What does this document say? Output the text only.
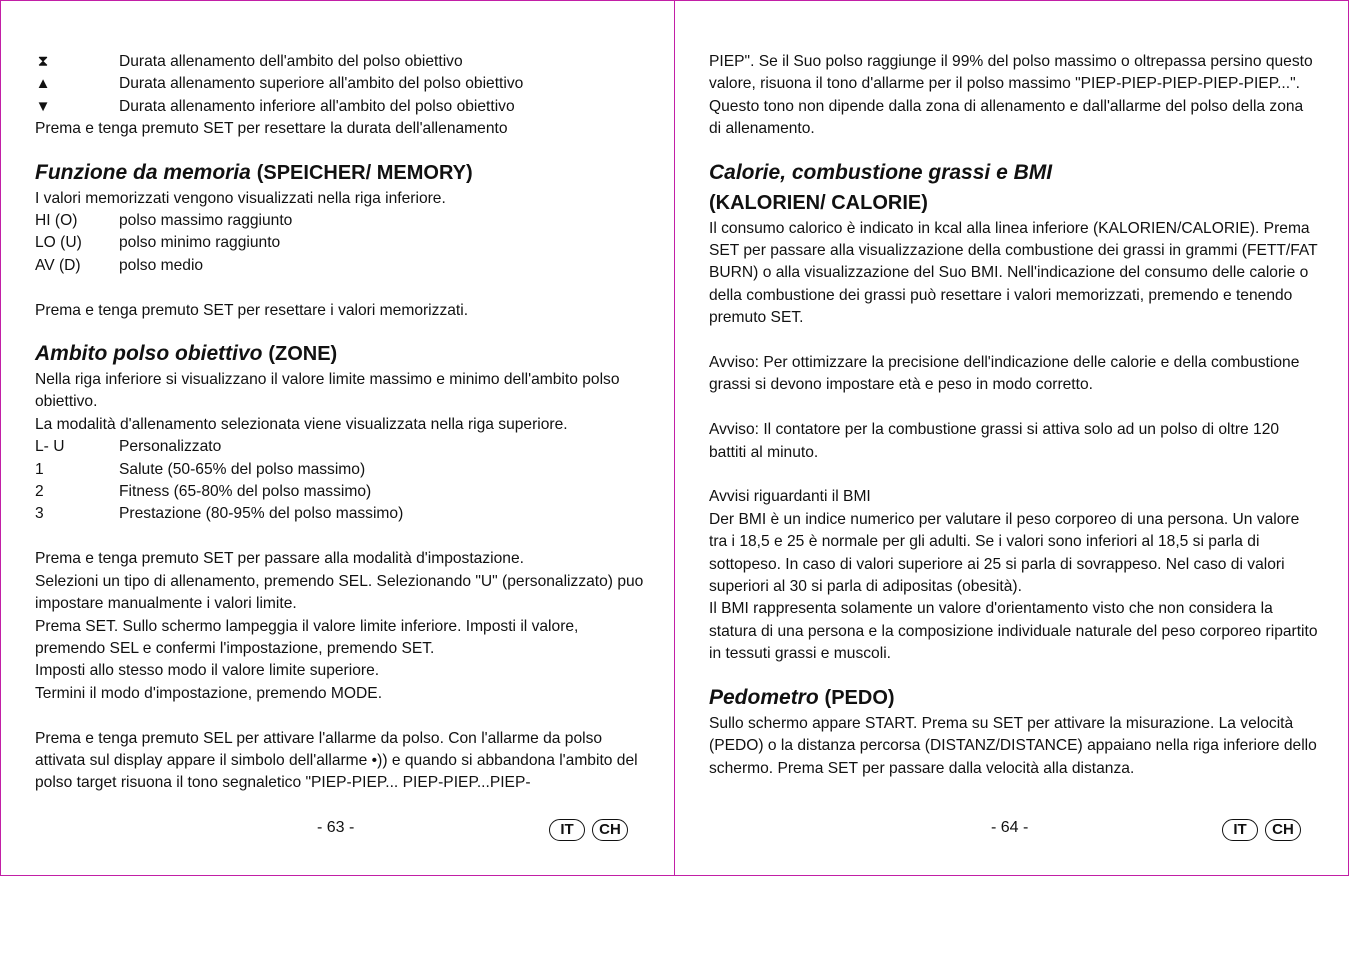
⧗	Durata allenamento dell'ambito del polso obiettivo
▲	Durata allenamento superiore all'ambito del polso obiettivo
▼	Durata allenamento inferiore all'ambito del polso obiettivo

Prema e tenga premuto SET per resettare la durata dell'allenamento

Funzione da memoria (SPEICHER/ MEMORY)

I valori memorizzati vengono visualizzati nella riga inferiore.

HI (O)	polso massimo raggiunto
LO (U)	polso minimo raggiunto
AV (D)	polso medio

Prema e tenga premuto SET per resettare i valori memorizzati.

Ambito polso obiettivo (ZONE)

Nella riga inferiore si visualizzano il valore limite massimo e minimo dell'ambito polso obiettivo.

La modalità d'allenamento selezionata viene visualizzata nella riga superiore.

L- U	Personalizzato
1	Salute (50-65% del polso massimo)
2	Fitness (65-80% del polso massimo)
3	Prestazione (80-95% del polso massimo)

Prema e tenga premuto SET per passare alla modalità d'impostazione.

Selezioni un tipo di allenamento, premendo SEL. Selezionando "U" (personalizzato) puo impostare manualmente i valori limite.

Prema SET. Sullo schermo lampeggia il valore limite inferiore. Imposti il valore, premendo SEL e confermi l'impostazione, premendo SET.

Imposti allo stesso modo il valore limite superiore.

Termini il modo d'impostazione, premendo MODE.

Prema e tenga premuto SEL per attivare l'allarme da polso. Con l'allarme da polso attivata sul display appare il simbolo dell'allarme •)) e quando si abbandona l'ambito del polso target risuona il tono segnaletico "PIEP-PIEP... PIEP-PIEP...PIEP-

- 63 -	IT	CH

PIEP". Se il Suo polso raggiunge il 99% del polso massimo o oltrepassa persino questo valore, risuona il tono d'allarme per il polso massimo "PIEP-PIEP-PIEP-PIEP-PIEP...". Questo tono non dipende dalla zona di allenamento e dall'allarme del polso della zona di allenamento.

Calorie, combustione grassi e BMI
(KALORIEN/ CALORIE)

Il consumo calorico è indicato in kcal alla linea inferiore (KALORIEN/CALORIE). Prema SET per passare alla visualizzazione della combustione dei grassi in grammi (FETT/FAT BURN) o alla visualizzazione del Suo BMI. Nell'indicazione del consumo delle calorie o della combustione dei grassi può resettare i valori memorizzati, premendo e tenendo premuto SET.

Avviso: Per ottimizzare la precisione dell'indicazione delle calorie e della combustione grassi si devono impostare età e peso in modo corretto.

Avviso: Il contatore per la combustione grassi si attiva solo ad un polso di oltre 120 battiti al minuto.

Avvisi riguardanti il BMI

Der BMI è un indice numerico per valutare il peso corporeo di una persona. Un valore tra i 18,5 e 25 è normale per gli adulti. Se i valori sono inferiori al 18,5 si parla di sottopeso. In caso di valori superiore ai 25 si parla di sovrappeso. Nel caso di valori superiori al 30 si parla di adipositas (obesità).

Il BMI rappresenta solamente un valore d'orientamento visto che non considera la statura di una persona e la composizione individuale naturale del peso corporeo ripartito in tessuti grassi e muscoli.

Pedometro (PEDO)

Sullo schermo appare START. Prema su SET per attivare la misurazione. La velocità (PEDO) o la distanza percorsa (DISTANZ/DISTANCE) appaiano nella riga inferiore dello schermo. Prema SET per passare dalla velocità alla distanza.

- 64 -	IT	CH
